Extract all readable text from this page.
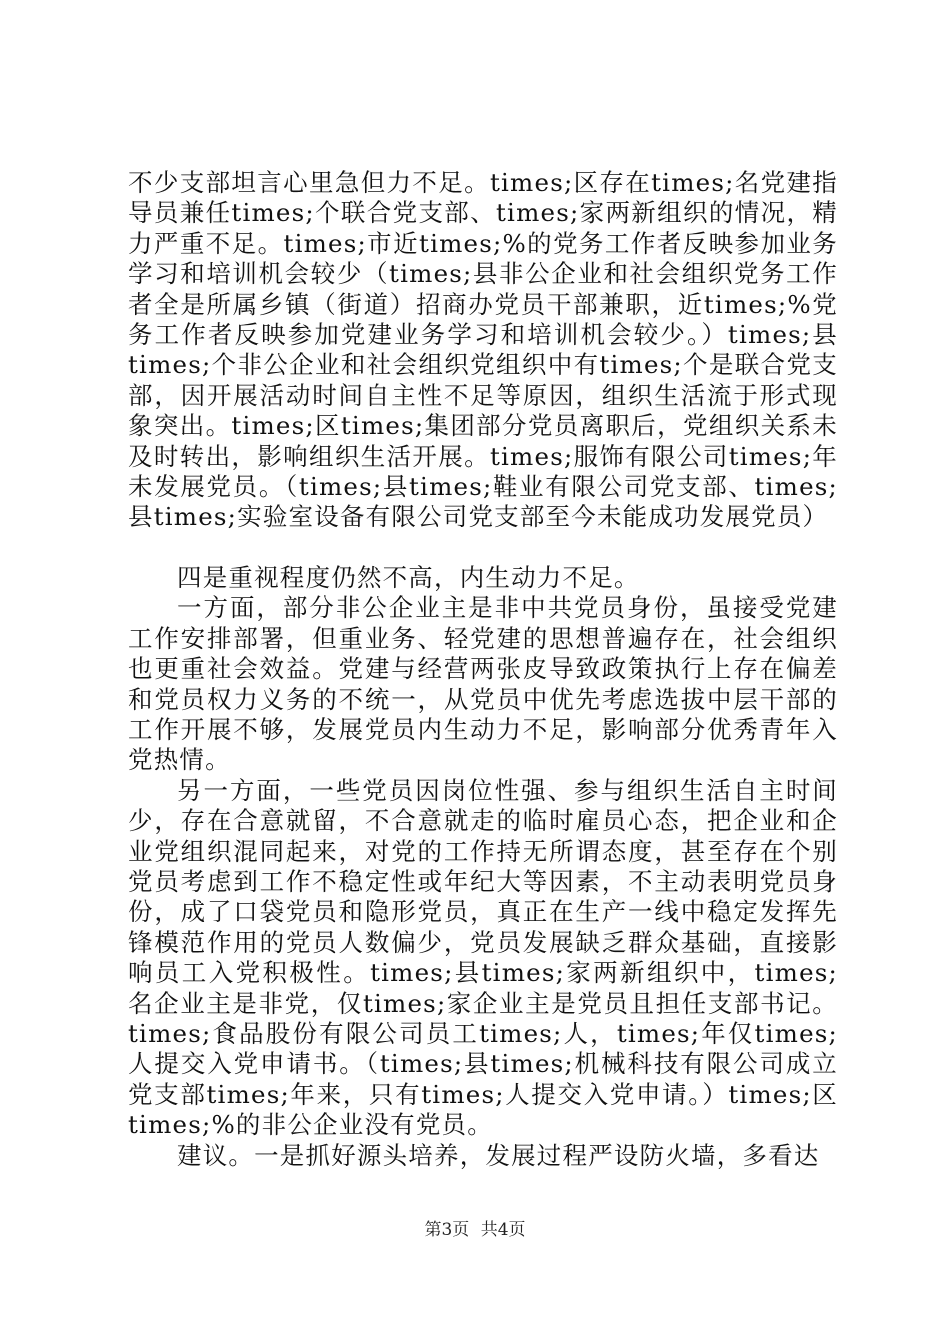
不少支部坦言心里急但力不足。times;区存在times;名党建指导员兼任times;个联合党支部、times;家两新组织的情况，精力严重不足。times;市近times;%的党务工作者反映参加业务学习和培训机会较少（times;县非公企业和社会组织党务工作者全是所属乡镇（街道）招商办党员干部兼职，近times;%党务工作者反映参加党建业务学习和培训机会较少。）times;县times;个非公企业和社会组织党组织中有times;个是联合党支部，因开展活动时间自主性不足等原因，组织生活流于形式现象突出。times;区times;集团部分党员离职后，党组织关系未及时转出，影响组织生活开展。times;服饰有限公司times;年未发展党员。（times;县times;鞋业有限公司党支部、times;县times;实验室设备有限公司党支部至今未能成功发展党员）

四是重视程度仍然不高，内生动力不足。

一方面，部分非公企业主是非中共党员身份，虽接受党建工作安排部署，但重业务、轻党建的思想普遍存在，社会组织也更重社会效益。党建与经营两张皮导致政策执行上存在偏差和党员权力义务的不统一，从党员中优先考虑选拔中层干部的工作开展不够，发展党员内生动力不足，影响部分优秀青年入党热情。

另一方面，一些党员因岗位性强、参与组织生活自主时间少，存在合意就留，不合意就走的临时雇员心态，把企业和企业党组织混同起来，对党的工作持无所谓态度，甚至存在个别党员考虑到工作不稳定性或年纪大等因素，不主动表明党员身份，成了口袋党员和隐形党员，真正在生产一线中稳定发挥先锋模范作用的党员人数偏少，党员发展缺乏群众基础，直接影响员工入党积极性。times;县times;家两新组织中，times;名企业主是非党，仅times;家企业主是党员且担任支部书记。times;食品股份有限公司员工times;人，times;年仅times;人提交入党申请书。（times;县times;机械科技有限公司成立党支部times;年来，只有times;人提交入党申请。）times;区times;%的非公企业没有党员。

建议。一是抓好源头培养，发展过程严设防火墙，多看达

第3页 共4页
